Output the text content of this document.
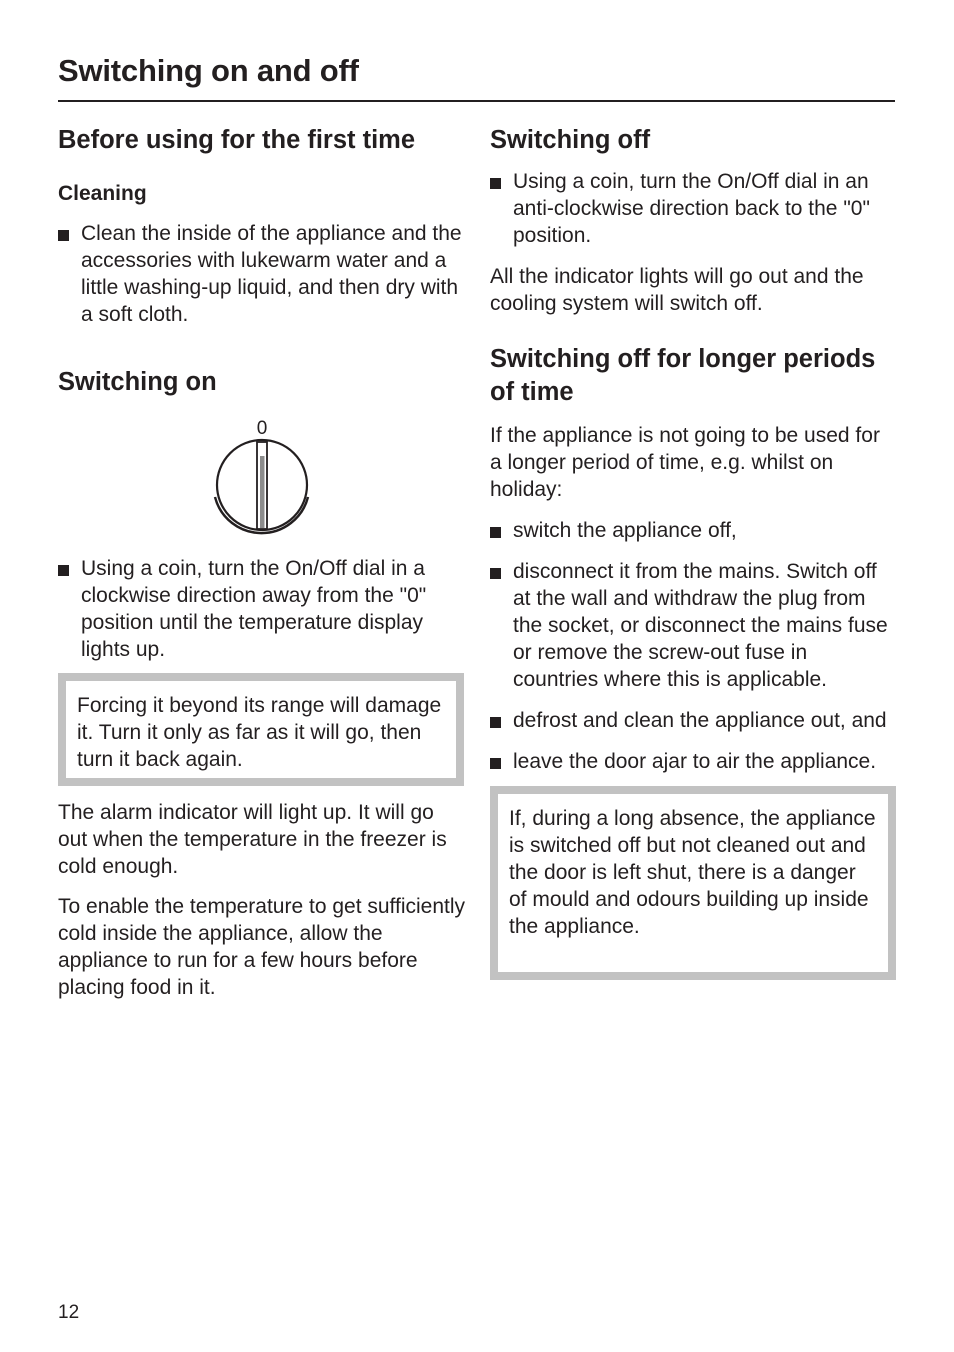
Switching on and off
Before using for the first time
Cleaning
Clean the inside of the appliance and the accessories with lukewarm water and a little washing-up liquid, and then dry with a soft cloth.
Switching on
0
Using a coin, turn the On/Off dial in a clockwise direction away from the "0" position until the temperature display lights up.

Forcing it beyond its range will damage it. Turn it only as far as it will go, then turn it back again.

The alarm indicator will light up. It will go out when the temperature in the freezer is cold enough.

To enable the temperature to get sufficiently cold inside the appliance, allow the appliance to run for a few hours before placing food in it.

Switching off
Using a coin, turn the On/Off dial in an anti-clockwise direction back to the "0" position.

All the indicator lights will go out and the cooling system will switch off.

Switching off for longer periods of time

If the appliance is not going to be used for a longer period of time, e.g. whilst on holiday:

switch the appliance off,
disconnect it from the mains. Switch off at the wall and withdraw the plug from the socket, or disconnect the mains fuse or remove the screw-out fuse in countries where this is applicable.
defrost and clean the appliance out, and
leave the door ajar to air the appliance.

If, during a long absence, the appliance is switched off but not cleaned out and the door is left shut, there is a danger of mould and odours building up inside the appliance.

12
